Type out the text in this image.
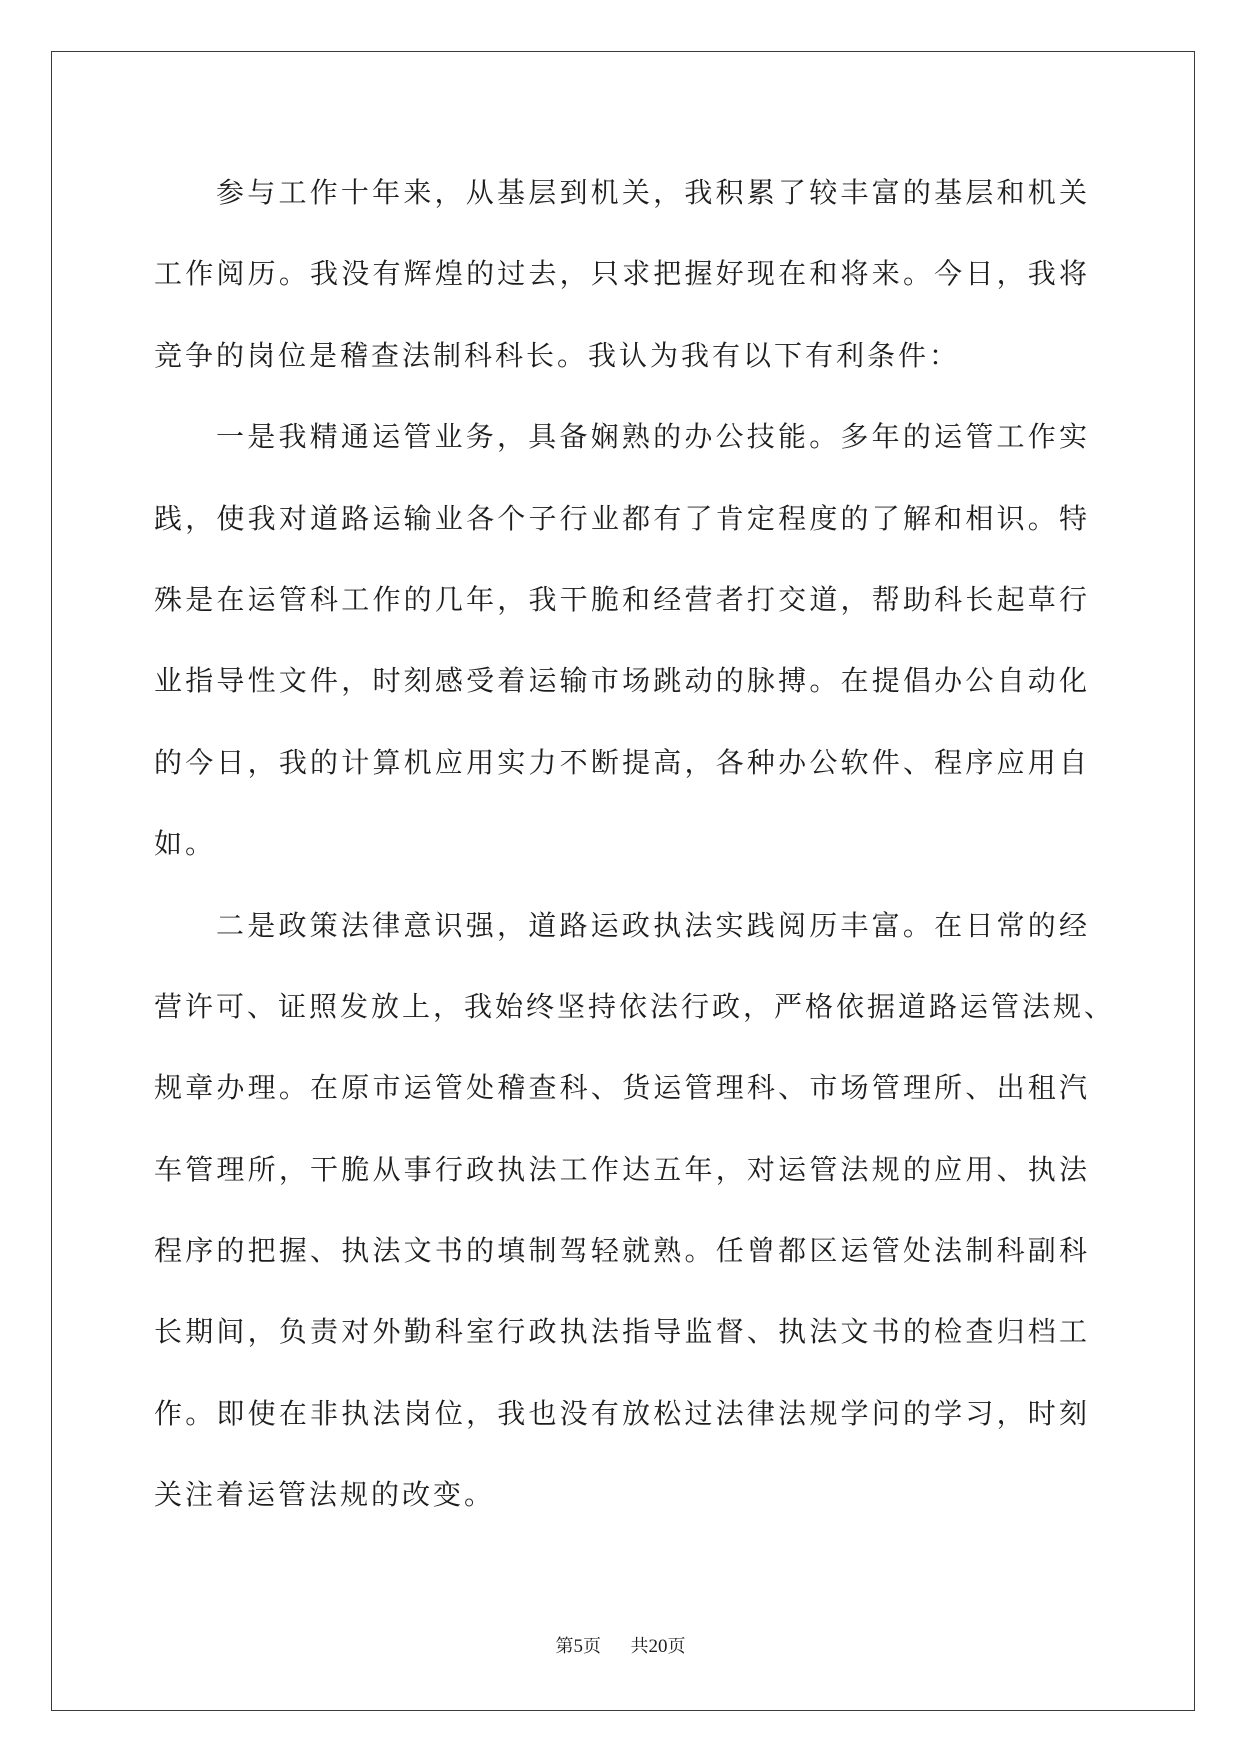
参与工作十年来，从基层到机关，我积累了较丰富的基层和机关
工作阅历。我没有辉煌的过去，只求把握好现在和将来。今日，我将
竞争的岗位是稽查法制科科长。我认为我有以下有利条件：
一是我精通运管业务，具备娴熟的办公技能。多年的运管工作实
践，使我对道路运输业各个子行业都有了肯定程度的了解和相识。特
殊是在运管科工作的几年，我干脆和经营者打交道，帮助科长起草行
业指导性文件，时刻感受着运输市场跳动的脉搏。在提倡办公自动化
的今日，我的计算机应用实力不断提高，各种办公软件、程序应用自
如。
二是政策法律意识强，道路运政执法实践阅历丰富。在日常的经
营许可、证照发放上，我始终坚持依法行政，严格依据道路运管法规、
规章办理。在原市运管处稽查科、货运管理科、市场管理所、出租汽
车管理所，干脆从事行政执法工作达五年，对运管法规的应用、执法
程序的把握、执法文书的填制驾轻就熟。任曾都区运管处法制科副科
长期间，负责对外勤科室行政执法指导监督、执法文书的检查归档工
作。即使在非执法岗位，我也没有放松过法律法规学问的学习，时刻
关注着运管法规的改变。
第5页 共20页
